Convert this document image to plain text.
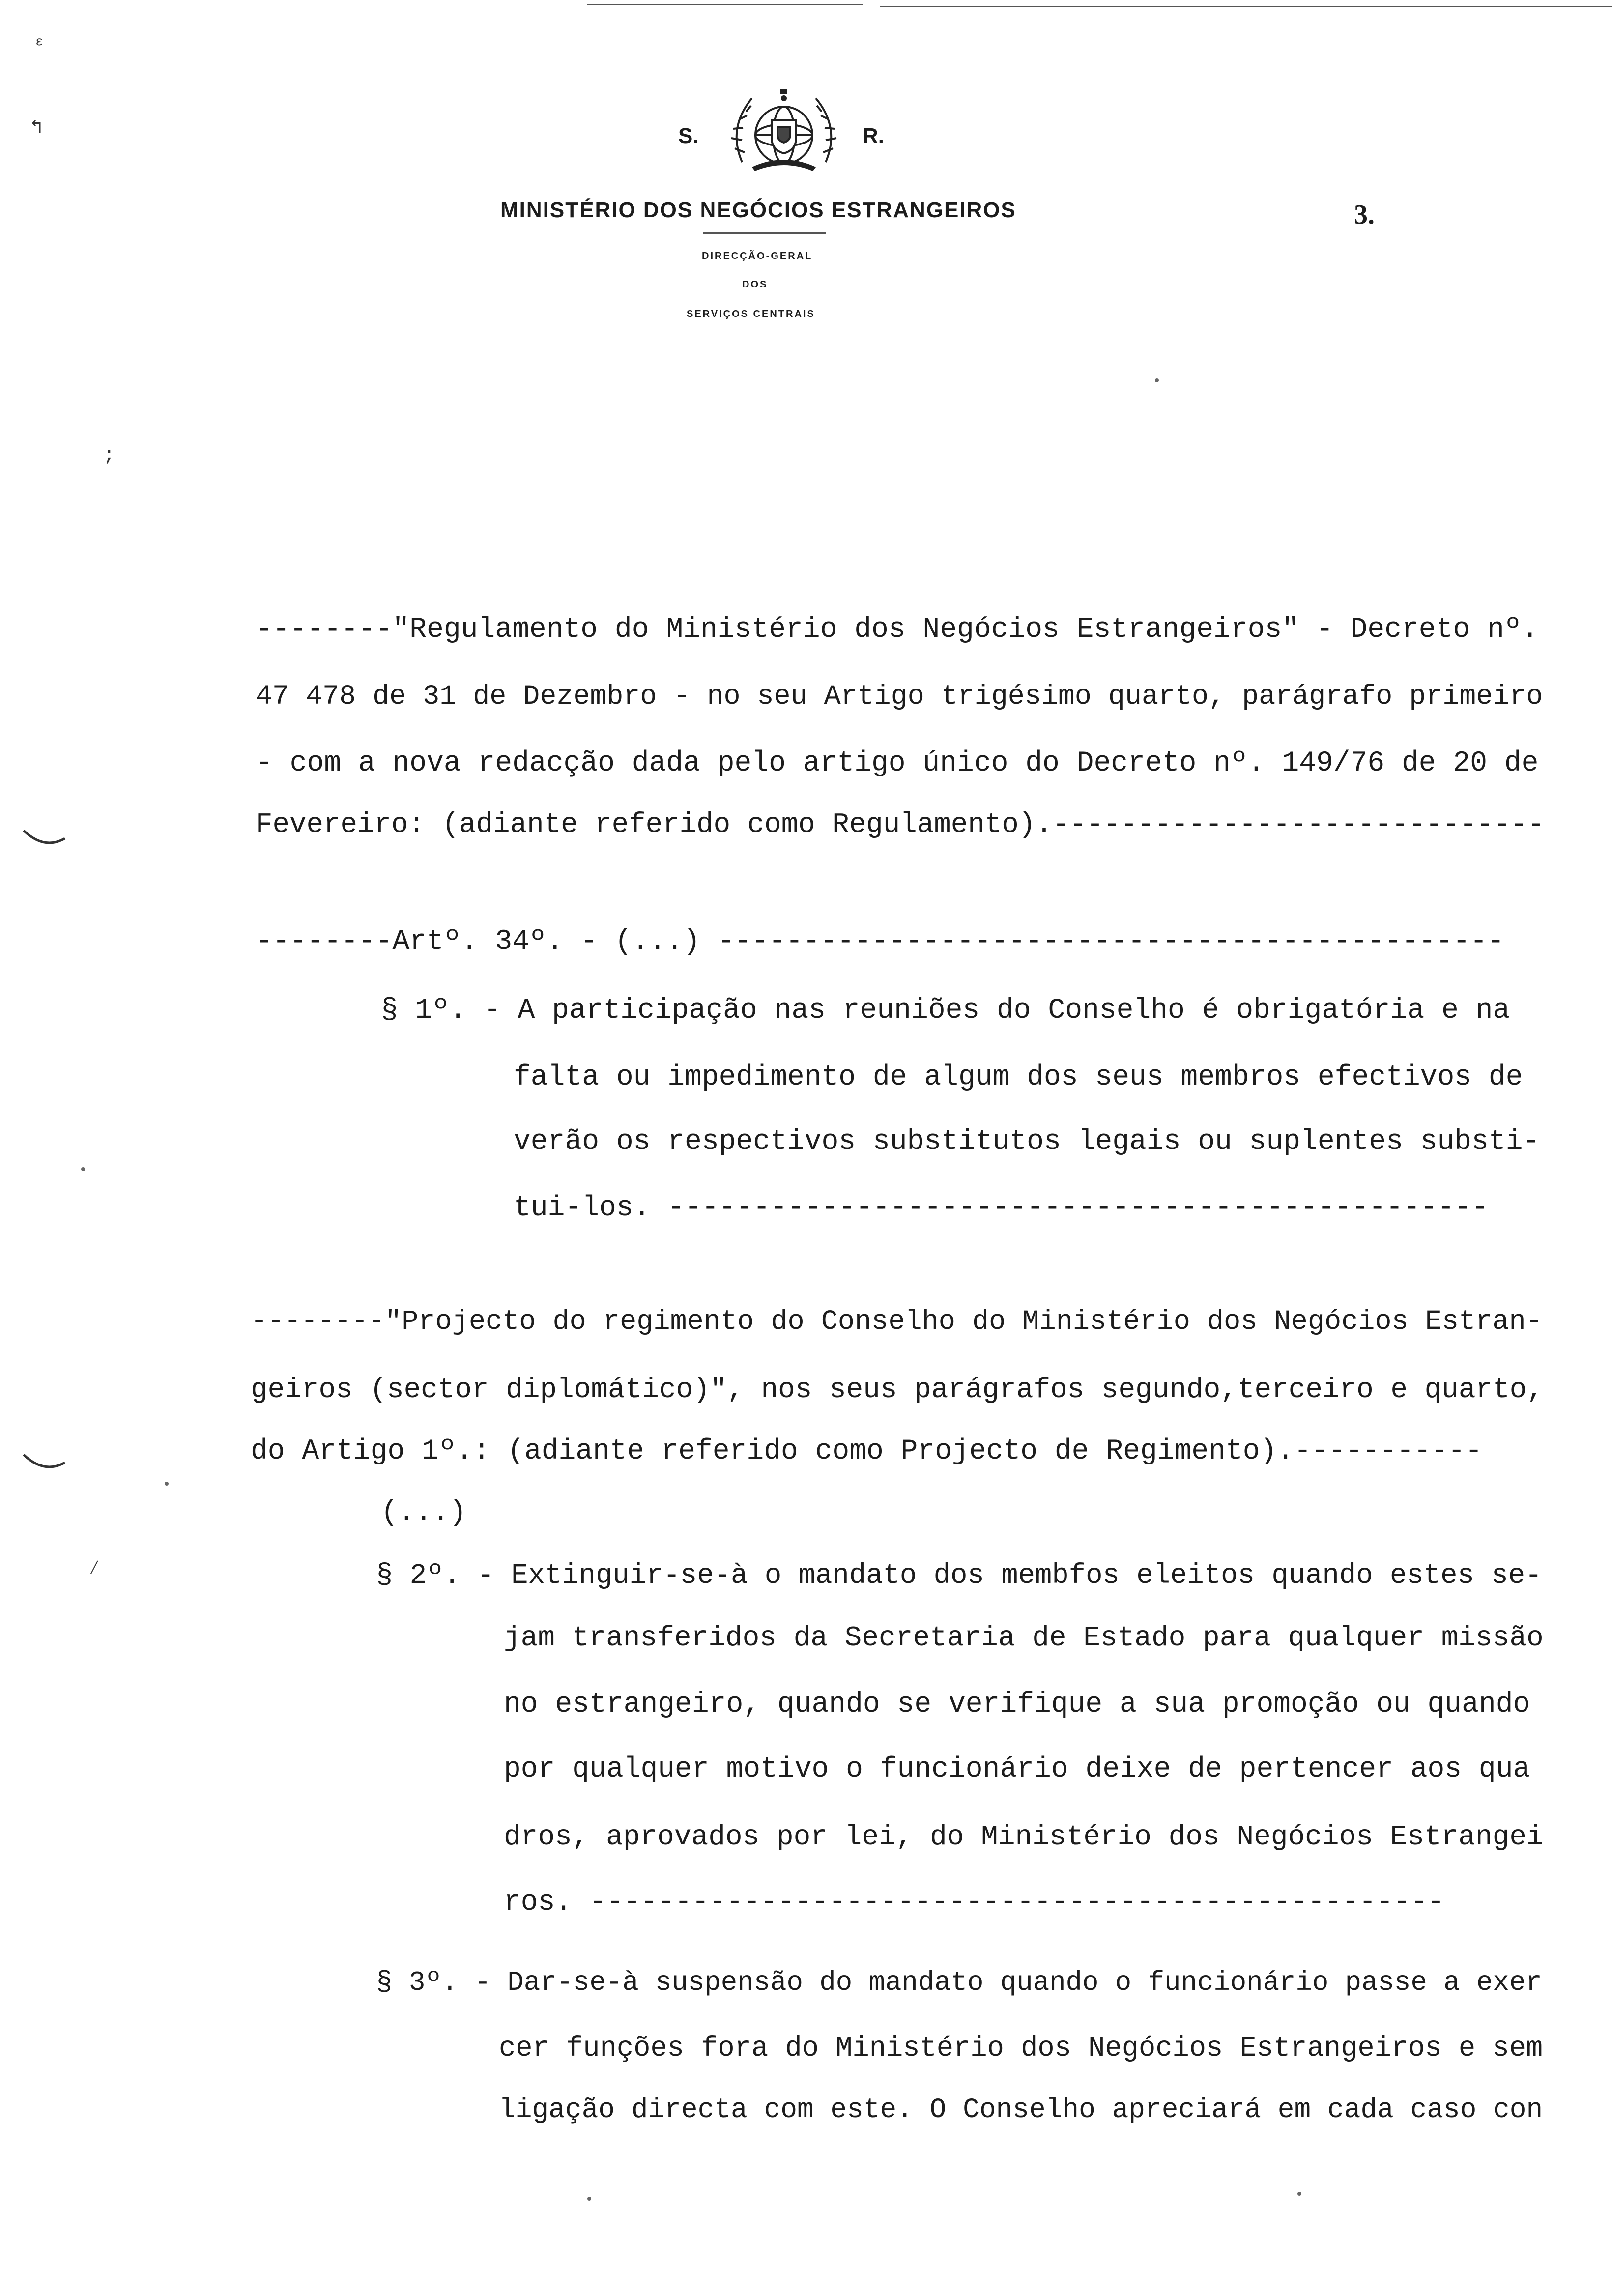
ε
↰
;
⁄
S.	R.
MINISTÉRIO DOS NEGÓCIOS ESTRANGEIROS
DIRECÇÃO-GERAL
DOS
SERVIÇOS CENTRAIS
3.
--------"Regulamento do Ministério dos Negócios Estrangeiros" - Decreto nº.
47 478 de 31 de Dezembro - no seu Artigo trigésimo quarto, parágrafo primeiro
- com a nova redacção dada pelo artigo único do Decreto nº. 149/76 de 20 de
Fevereiro: (adiante referido como Regulamento).-----------------------------
--------Artº. 34º. - (...) ----------------------------------------------
§ 1º. - A participação nas reuniões do Conselho é obrigatória e na
falta ou impedimento de algum dos seus membros efectivos de
verão os respectivos substitutos legais ou suplentes substi-
tui-los. ------------------------------------------------
--------"Projecto do regimento do Conselho do Ministério dos Negócios Estran-
geiros (sector diplomático)", nos seus parágrafos segundo,terceiro e quarto,
do Artigo 1º.: (adiante referido como Projecto de Regimento).-----------
(...)
§ 2º. - Extinguir-se-à o mandato dos membfos eleitos quando estes se-
jam transferidos da Secretaria de Estado para qualquer missão
no estrangeiro, quando se verifique a sua promoção ou quando
por qualquer motivo o funcionário deixe de pertencer aos qua
dros, aprovados por lei, do Ministério dos Negócios Estrangei
ros. --------------------------------------------------
§ 3º. - Dar-se-à suspensão do mandato quando o funcionário passe a exer
cer funções fora do Ministério dos Negócios Estrangeiros e sem
ligação directa com este. O Conselho apreciará em cada caso con
